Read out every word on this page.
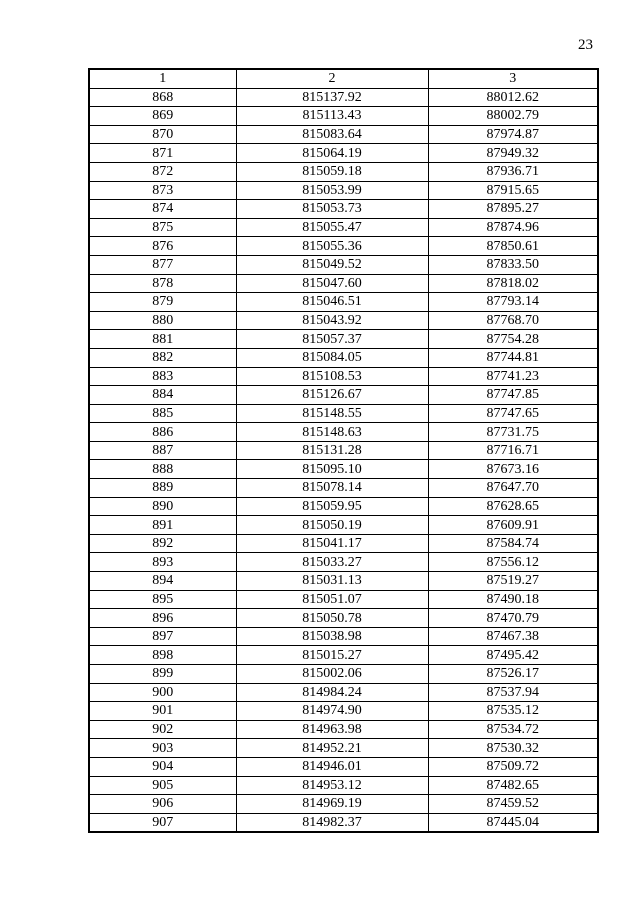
23
1	2	3
868	815137.92	88012.62
869	815113.43	88002.79
870	815083.64	87974.87
871	815064.19	87949.32
872	815059.18	87936.71
873	815053.99	87915.65
874	815053.73	87895.27
875	815055.47	87874.96
876	815055.36	87850.61
877	815049.52	87833.50
878	815047.60	87818.02
879	815046.51	87793.14
880	815043.92	87768.70
881	815057.37	87754.28
882	815084.05	87744.81
883	815108.53	87741.23
884	815126.67	87747.85
885	815148.55	87747.65
886	815148.63	87731.75
887	815131.28	87716.71
888	815095.10	87673.16
889	815078.14	87647.70
890	815059.95	87628.65
891	815050.19	87609.91
892	815041.17	87584.74
893	815033.27	87556.12
894	815031.13	87519.27
895	815051.07	87490.18
896	815050.78	87470.79
897	815038.98	87467.38
898	815015.27	87495.42
899	815002.06	87526.17
900	814984.24	87537.94
901	814974.90	87535.12
902	814963.98	87534.72
903	814952.21	87530.32
904	814946.01	87509.72
905	814953.12	87482.65
906	814969.19	87459.52
907	814982.37	87445.04
